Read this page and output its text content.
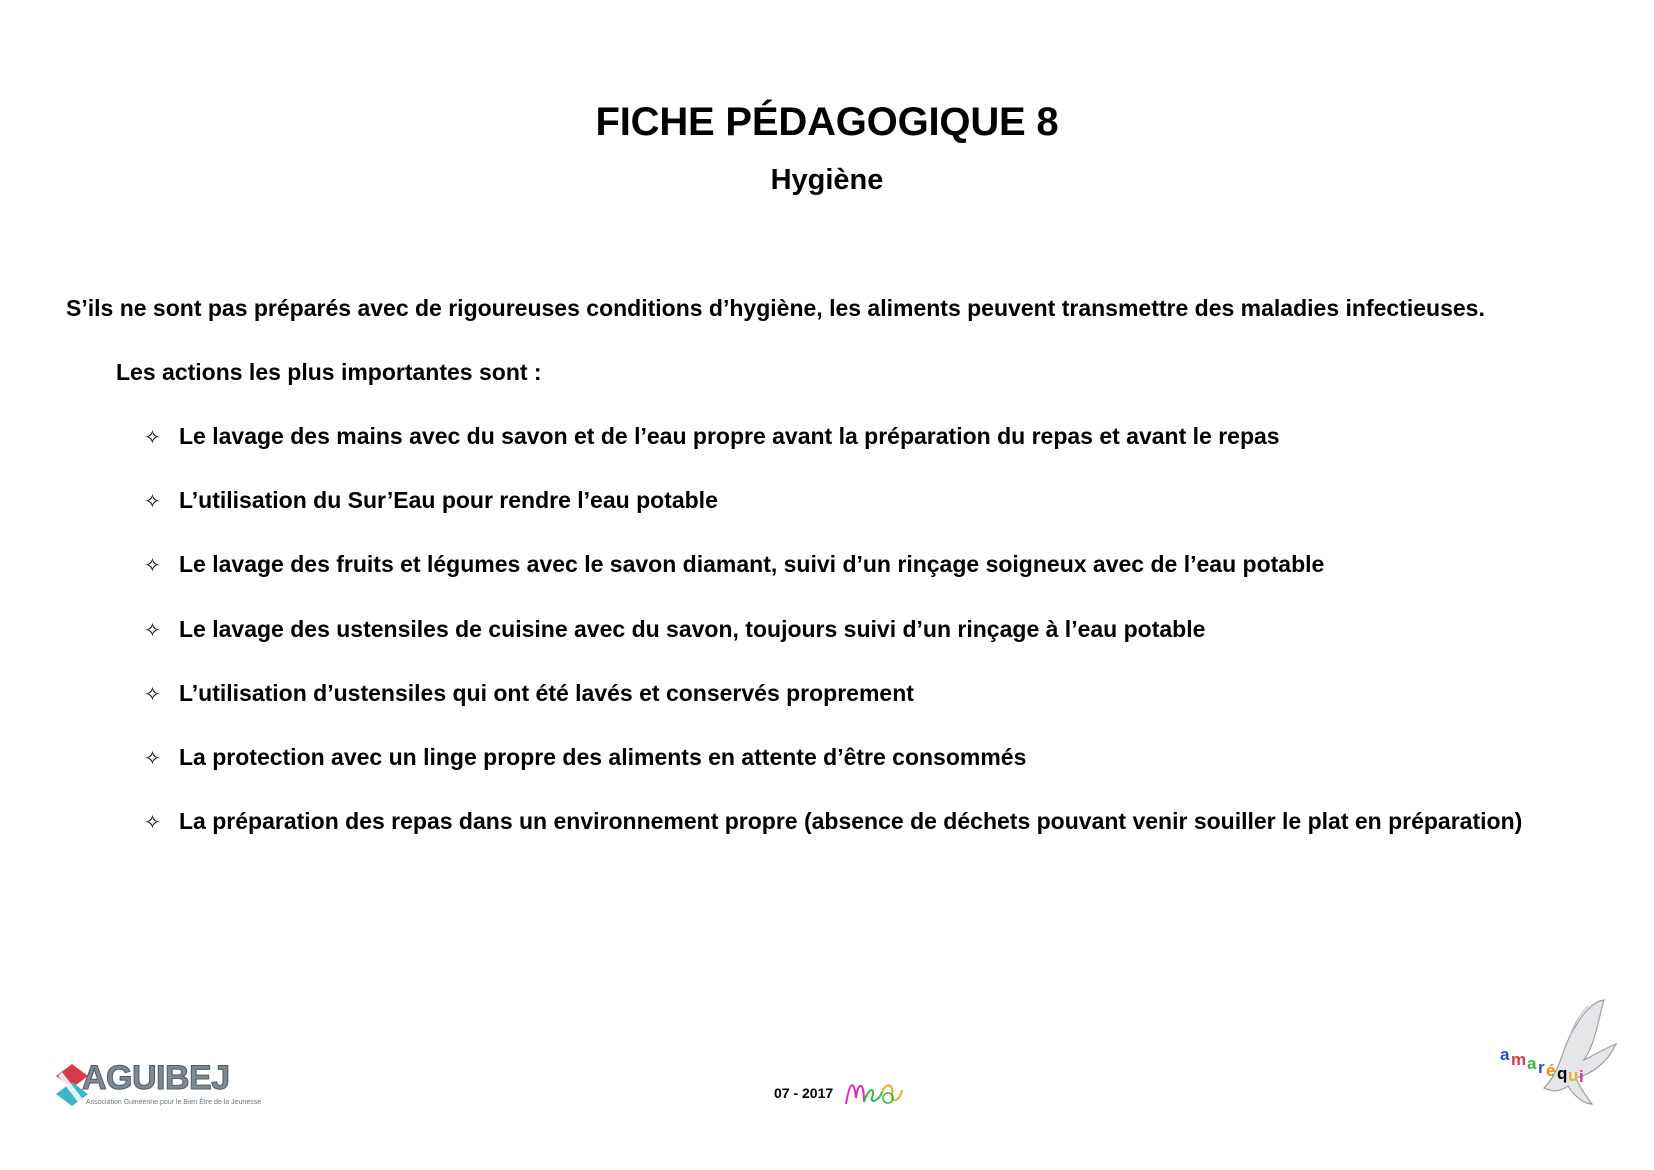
FICHE PÉDAGOGIQUE 8
Hygiène
S’ils ne sont pas préparés avec de rigoureuses conditions d’hygiène, les aliments peuvent transmettre des maladies infectieuses.
Les actions les plus importantes sont :
✧ Le lavage des mains avec du savon et de l’eau propre avant la préparation du repas et avant le repas
✧ L’utilisation du Sur’Eau pour rendre l’eau potable
✧ Le lavage des fruits et légumes avec le savon diamant, suivi d’un rinçage soigneux avec de l’eau potable
✧ Le lavage des ustensiles de cuisine avec du savon, toujours suivi d’un rinçage à l’eau potable
✧ L’utilisation d’ustensiles qui ont été lavés et conservés proprement
✧ La protection avec un linge propre des aliments en attente d’être consommés
✧ La préparation des repas dans un environnement propre (absence de déchets pouvant venir souiller le plat en préparation)
AGUIBEJ
Association Guinéenne pour le Bien Être de la Jeunesse
07 - 2017
a m a r é q u i
